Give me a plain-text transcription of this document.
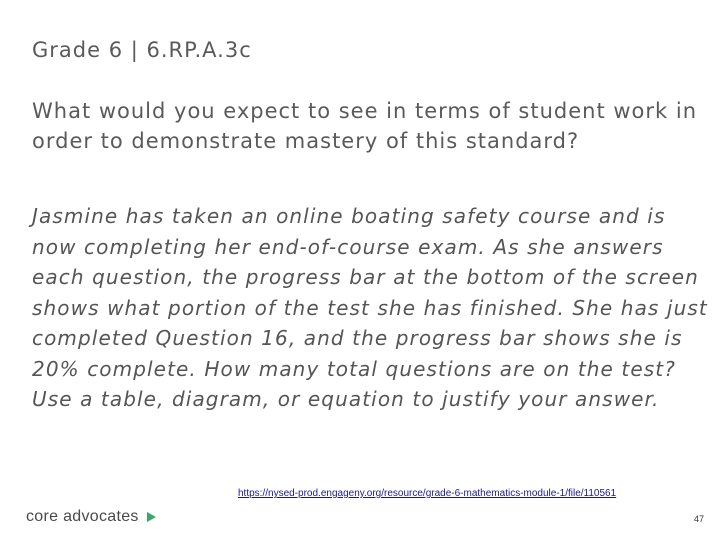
Grade 6 | 6.RP.A.3c
What would you expect to see in terms of student work in order to demonstrate mastery of this standard?
Jasmine has taken an online boating safety course and is now completing her end-of-course exam. As she answers each question, the progress bar at the bottom of the screen shows what portion of the test she has finished. She has just completed Question 16, and the progress bar shows she is 20% complete. How many total questions are on the test? Use a table, diagram, or equation to justify your answer.
https://nysed-prod.engageny.org/resource/grade-6-mathematics-module-1/file/110561
core advocates	47
